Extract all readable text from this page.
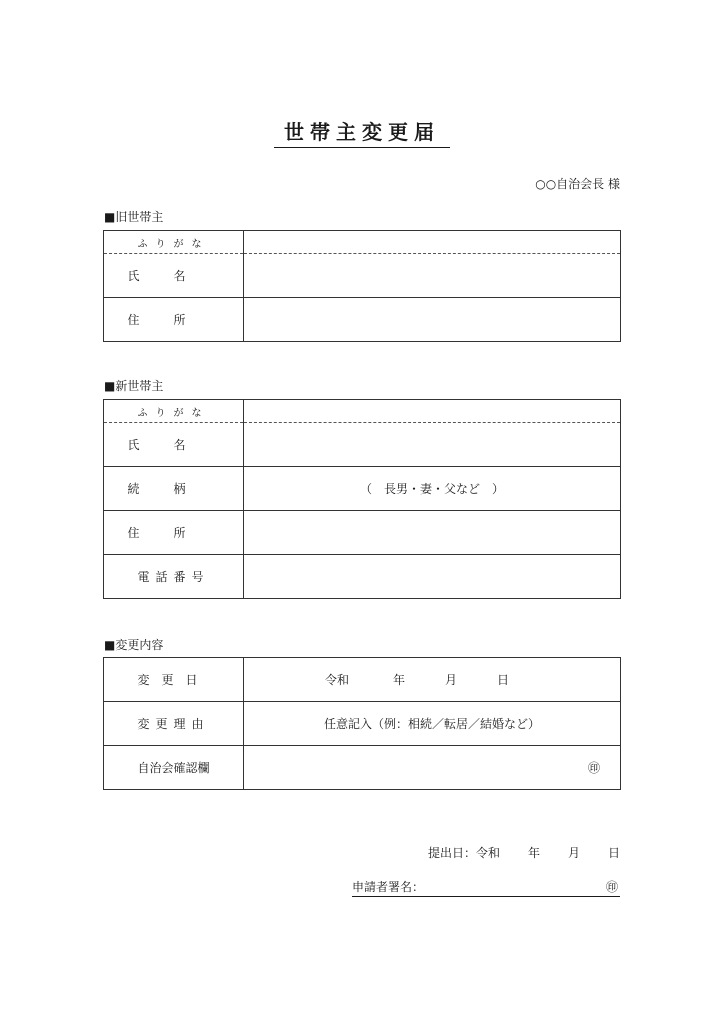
世帯主変更届
○○自治会長 様
■旧世帯主
ふりがな	
氏名	
住所	
■新世帯主
ふりがな	
氏名	
続柄	（　長男・妻・父など　）
住所	
電話番号	
■変更内容
変更日	令和 年 月 日
変更理由	任意記入（例：相続／転居／結婚など）
自治会確認欄	㊞
提出日：令和 年 月 日
申請者署名：	㊞
